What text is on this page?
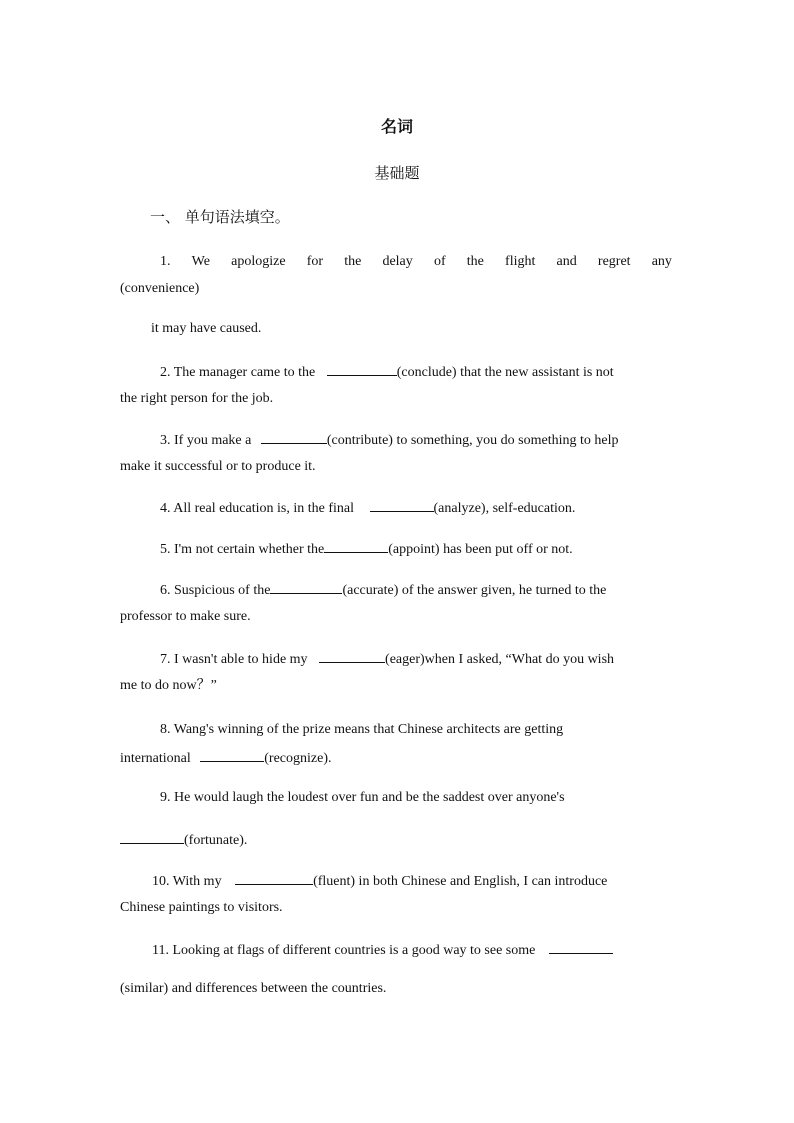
名词
基础题
一、 单句语法填空。
1. We apologize for the delay of the flight and regret any
(convenience)
it may have caused.
2. The manager came to the	(conclude) that the new assistant is not
the right person for the job.
3. If you make a	(contribute) to something, you do something to help
make it successful or to produce it.
4. All real education is, in the final	(analyze), self-education.
5. I'm not certain whether the	(appoint) has been put off or not.
6. Suspicious of the	(accurate) of the answer given, he turned to the
professor to make sure.
7. I wasn't able to hide my	(eager)when I asked, “What do you wish
me to do now？”
8. Wang's winning of the prize means that Chinese architects are getting
international	(recognize).
9. He would laugh the loudest over fun and be the saddest over anyone's
(fortunate).
10. With my	(fluent) in both Chinese and English, I can introduce
Chinese paintings to visitors.
11. Looking at flags of different countries is a good way to see some
(similar) and differences between the countries.
